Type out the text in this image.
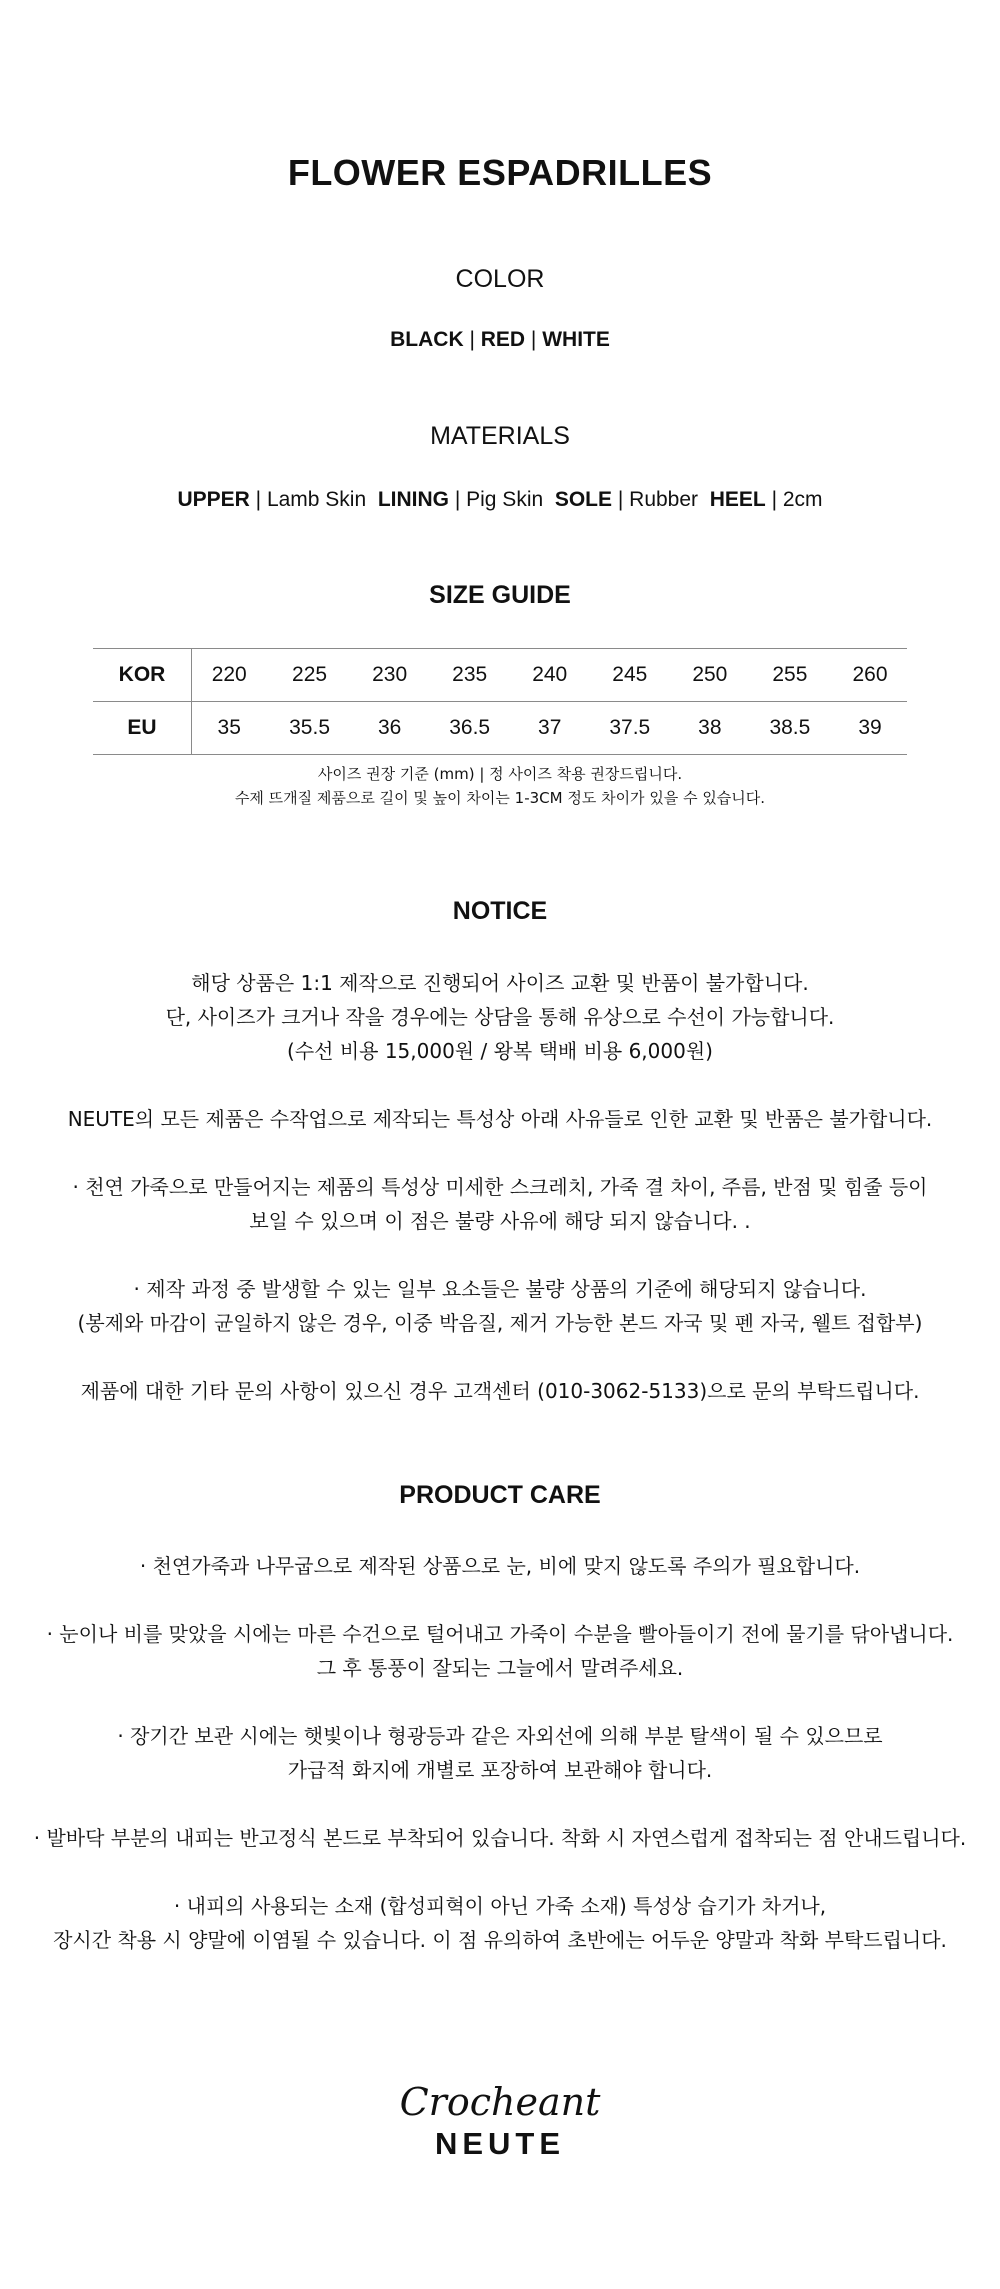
FLOWER ESPADRILLES
COLOR
BLACK | RED | WHITE
MATERIALS
UPPER | Lamb Skin LINING | Pig Skin SOLE | Rubber HEEL | 2cm
SIZE GUIDE
KOR	220	225	230	235	240	245	250	255	260
EU	35	35.5	36	36.5	37	37.5	38	38.5	39
사이즈 권장 기준 (mm) | 정 사이즈 착용 권장드립니다.
수제 뜨개질 제품으로 길이 및 높이 차이는 1-3CM 정도 차이가 있을 수 있습니다.
NOTICE
해당 상품은 1:1 제작으로 진행되어 사이즈 교환 및 반품이 불가합니다.
단, 사이즈가 크거나 작을 경우에는 상담을 통해 유상으로 수선이 가능합니다.
(수선 비용 15,000원 / 왕복 택배 비용 6,000원)
NEUTE의 모든 제품은 수작업으로 제작되는 특성상 아래 사유들로 인한 교환 및 반품은 불가합니다.
· 천연 가죽으로 만들어지는 제품의 특성상 미세한 스크레치, 가죽 결 차이, 주름, 반점 및 힘줄 등이
보일 수 있으며 이 점은 불량 사유에 해당 되지 않습니다. .
· 제작 과정 중 발생할 수 있는 일부 요소들은 불량 상품의 기준에 해당되지 않습니다.
(봉제와 마감이 균일하지 않은 경우, 이중 박음질, 제거 가능한 본드 자국 및 펜 자국, 웰트 접합부)
제품에 대한 기타 문의 사항이 있으신 경우 고객센터 (010-3062-5133)으로 문의 부탁드립니다.
PRODUCT CARE
· 천연가죽과 나무굽으로 제작된 상품으로 눈, 비에 맞지 않도록 주의가 필요합니다.
· 눈이나 비를 맞았을 시에는 마른 수건으로 털어내고 가죽이 수분을 빨아들이기 전에 물기를 닦아냅니다.
그 후 통풍이 잘되는 그늘에서 말려주세요.
· 장기간 보관 시에는 햇빛이나 형광등과 같은 자외선에 의해 부분 탈색이 될 수 있으므로
가급적 화지에 개별로 포장하여 보관해야 합니다.
· 발바닥 부분의 내피는 반고정식 본드로 부착되어 있습니다. 착화 시 자연스럽게 접착되는 점 안내드립니다.
· 내피의 사용되는 소재 (합성피혁이 아닌 가죽 소재) 특성상 습기가 차거나,
장시간 착용 시 양말에 이염될 수 있습니다. 이 점 유의하여 초반에는 어두운 양말과 착화 부탁드립니다.
Crocheant
NEUTE
